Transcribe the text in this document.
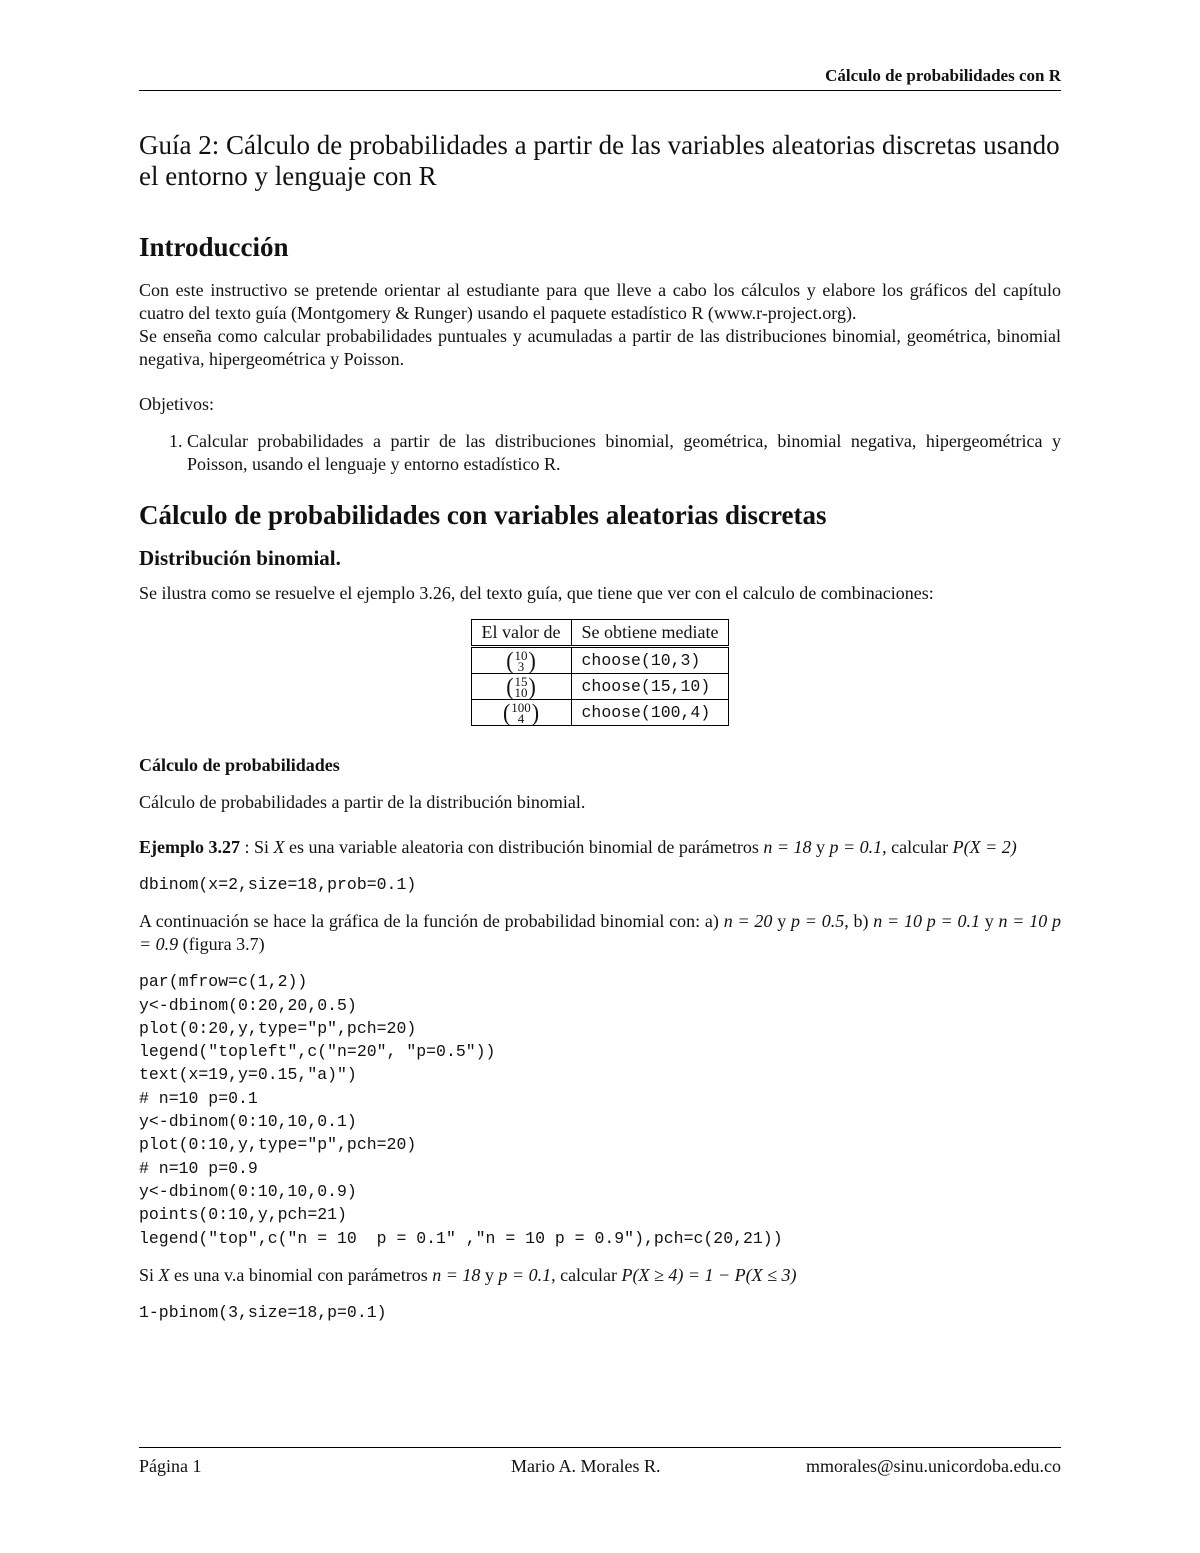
Cálculo de probabilidades con R
Guía 2: Cálculo de probabilidades a partir de las variables aleatorias discretas usando el entorno y lenguaje con R
Introducción

Con este instructivo se pretende orientar al estudiante para que lleve a cabo los cálculos y elabore los gráficos del capítulo cuatro del texto guía (Montgomery & Runger) usando el paquete estadístico R (www.r-project.org).

Se enseña como calcular probabilidades puntuales y acumuladas a partir de las distribuciones binomial, geométrica, binomial negativa, hipergeométrica y Poisson.

Objetivos:

1. Calcular probabilidades a partir de las distribuciones binomial, geométrica, binomial negativa, hipergeométrica y Poisson, usando el lenguaje y entorno estadístico R.
Cálculo de probabilidades con variables aleatorias discretas
Distribución binomial.

Se ilustra como se resuelve el ejemplo 3.26, del texto guía, que tiene que ver con el calculo de combinaciones:

El valor de	Se obtiene mediate

( 10
3 )	choose(10,3)

( 15
10 )	choose(15,10)

( 100
4 )	choose(100,4)
Cálculo de probabilidades

Cálculo de probabilidades a partir de la distribución binomial.

Ejemplo 3.27 : Si X es una variable aleatoria con distribución binomial de parámetros n = 18 y p = 0.1, calcular P(X = 2)

dbinom(x=2,size=18,prob=0.1)

A continuación se hace la gráfica de la función de probabilidad binomial con: a) n = 20 y p = 0.5, b) n = 10 p = 0.1 y n = 10 p = 0.9 (figura 3.7)

par(mfrow=c(1,2))
y<-dbinom(0:20,20,0.5)
plot(0:20,y,type="p",pch=20)
legend("topleft",c("n=20", "p=0.5"))
text(x=19,y=0.15,"a)")
# n=10 p=0.1
y<-dbinom(0:10,10,0.1)
plot(0:10,y,type="p",pch=20)
# n=10 p=0.9
y<-dbinom(0:10,10,0.9)
points(0:10,y,pch=21)
legend("top",c("n = 10  p = 0.1" ,"n = 10 p = 0.9"),pch=c(20,21))

Si X es una v.a binomial con parámetros n = 18 y p = 0.1, calcular P(X ≥ 4) = 1 − P(X ≤ 3)

1-pbinom(3,size=18,p=0.1)
Página 1	Mario A. Morales R.	mmorales@sinu.unicordoba.edu.co
